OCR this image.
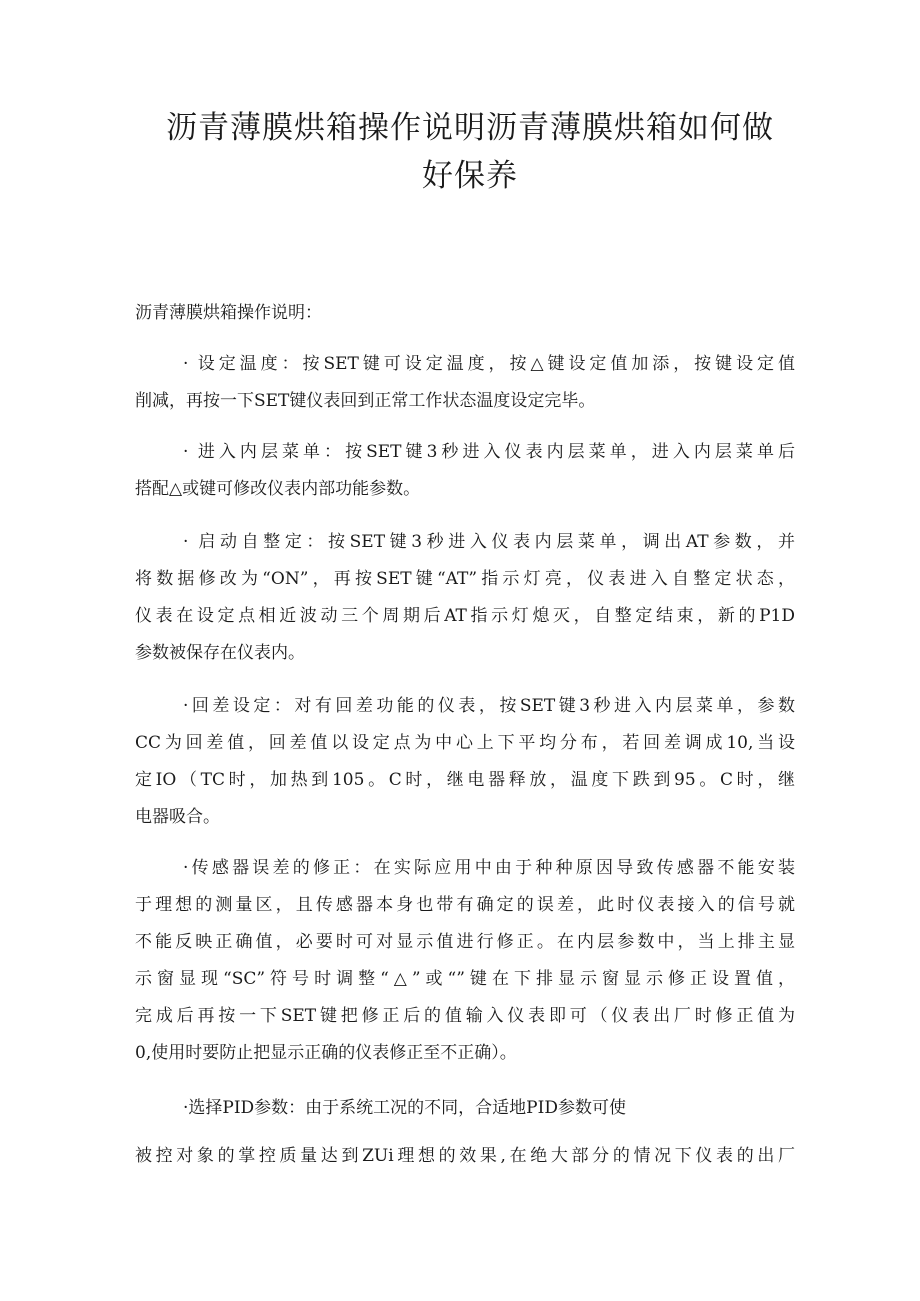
沥青薄膜烘箱操作说明沥青薄膜烘箱如何做
好保养

沥青薄膜烘箱操作说明：

· 设定温度：按SET键可设定温度，按△键设定值加添，按键设定值
削减，再按一下SET键仪表回到正常工作状态温度设定完毕。

· 进入内层菜单：按SET键3秒进入仪表内层菜单，进入内层菜单后
搭配△或键可修改仪表内部功能参数。

· 启动自整定：按SET键3秒进入仪表内层菜单，调出AT参数，并
将数据修改为“ON”，再按SET键“AT”指示灯亮，仪表进入自整定状态，
仪表在设定点相近波动三个周期后AT指示灯熄灭，自整定结束，新的P1D
参数被保存在仪表内。

·回差设定：对有回差功能的仪表，按SET键3秒进入内层菜单，参数
CC为回差值，回差值以设定点为中心上下平均分布，若回差调成10,当设
定IO（TC时，加热到105。C时，继电器释放，温度下跌到95。C时，继
电器吸合。

·传感器误差的修正：在实际应用中由于种种原因导致传感器不能安装
于理想的测量区，且传感器本身也带有确定的误差，此时仪表接入的信号就
不能反映正确值，必要时可对显示值进行修正。在内层参数中，当上排主显
示窗显现“SC”符号时调整“△”或“”键在下排显示窗显示修正设置值，
完成后再按一下SET键把修正后的值输入仪表即可（仪表出厂时修正值为
0,使用时要防止把显示正确的仪表修正至不正确）。

·选择PID参数：由于系统工况的不同，合适地PID参数可使

被控对象的掌控质量达到ZUi理想的效果,在绝大部分的情况下仪表的出厂
